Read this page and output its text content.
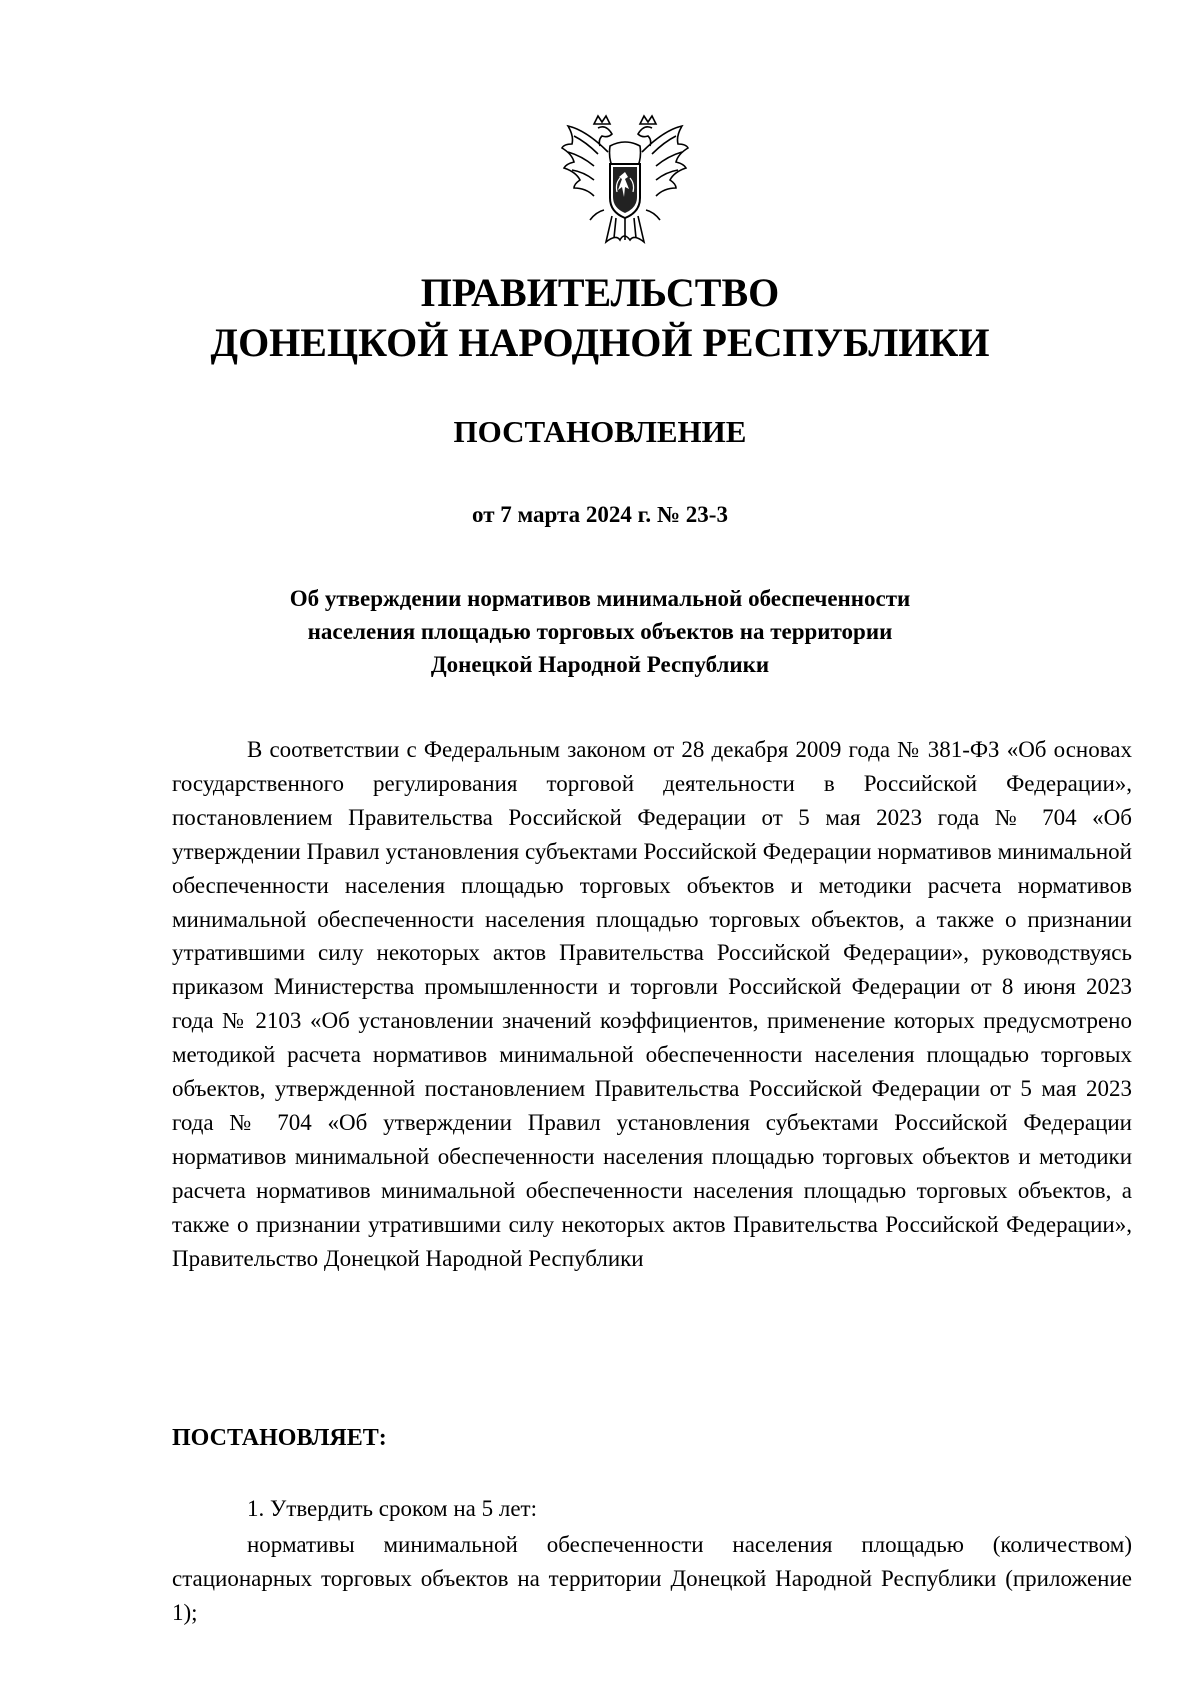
ПРАВИТЕЛЬСТВО
ДОНЕЦКОЙ НАРОДНОЙ РЕСПУБЛИКИ
ПОСТАНОВЛЕНИЕ
от 7 марта 2024 г. № 23-3
Об утверждении нормативов минимальной обеспеченности
населения площадью торговых объектов на территории
Донецкой Народной Республики

В соответствии с Федеральным законом от 28 декабря 2009 года № 381-ФЗ «Об основах государственного регулирования торговой деятельности в Российской Федерации», постановлением Правительства Российской Федерации от 5 мая 2023 года № 704 «Об утверждении Правил установления субъектами Российской Федерации нормативов минимальной обеспеченности населения площадью торговых объектов и методики расчета нормативов минимальной обеспеченности населения площадью торговых объектов, а также о признании утратившими силу некоторых актов Правительства Российской Федерации», руководствуясь приказом Министерства промышленности и торговли Российской Федерации от 8 июня 2023 года № 2103 «Об установлении значений коэффициентов, применение которых предусмотрено методикой расчета нормативов минимальной обеспеченности населения площадью торговых объектов, утвержденной постановлением Правительства Российской Федерации от 5 мая 2023 года № 704 «Об утверждении Правил установления субъектами Российской Федерации нормативов минимальной обеспеченности населения площадью торговых объектов и методики расчета нормативов минимальной обеспеченности населения площадью торговых объектов, а также о признании утратившими силу некоторых актов Правительства Российской Федерации», Правительство Донецкой Народной Республики

ПОСТАНОВЛЯЕТ:
1. Утвердить сроком на 5 лет:

нормативы минимальной обеспеченности населения площадью (количеством) стационарных торговых объектов на территории Донецкой Народной Республики (приложение 1);
